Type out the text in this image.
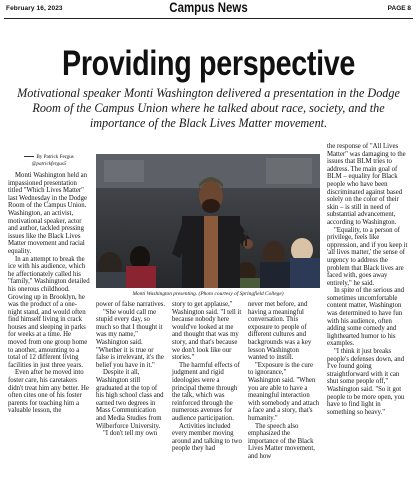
February 16, 2023	Campus News	PAGE 8
Providing perspective
Motivational speaker Monti Washington delivered a presentation in the Dodge Room of the Campus Union where he talked about race, society, and the importance of the Black Lives Matter movement.
By Patrick Fergus
@patrickfergus5

Monti Washington held an impassioned presentation titled "Which Lives Matter" last Wednesday in the Dodge Room of the Campus Union. Washington, an activist, motivational speaker, actor and author, tackled pressing issues like the Black Lives Matter movement and racial equality.

In an attempt to break the ice with his audience, which he affectionately called his "family," Washington detailed his onerous childhood. Growing up in Brooklyn, he was the product of a one-night stand, and would often find himself living in crack houses and sleeping in parks for weeks at a time. He moved from one group home to another, amounting to a total of 12 different living facilities in just three years.

Even after he moved into foster care, his caretakers didn't treat him any better. He often cites one of his foster parents for teaching him a valuable lesson, the

Monti Washington presenting. (Photo courtesy of Springfield College)

power of false narratives.

"She would call me stupid every day, so much so that I thought it was my name," Washington said. "Whether it is true or false is irrelevant, it's the belief you have in it."

Despite it all, Washington still graduated at the top of his high school class and earned two degrees in Mass Communication and Media Studies from Wilberforce University.

"I don't tell my own

story to get applause," Washington said. "I tell it because nobody here would've looked at me and thought that was my story, and that's because we don't look like our stories."

The harmful effects of judgment and rigid ideologies were a principal theme through the talk, which was reinforced through the numerous avenues for audience participation.

Activities included every member moving around and talking to two people they had

never met before, and having a meaningful conversation. This exposure to people of different cultures and backgrounds was a key lesson Washington wanted to instill.

"Exposure is the cure to ignorance," Washington said. "When you are able to have a meaningful interaction with somebody and attach a face and a story, that's humanity."

The speech also emphasized the importance of the Black Lives Matter movement, and how

the response of "All Lives Matter" was damaging to the issues that BLM tries to address. The main goal of BLM – equality for Black people who have been discriminated against based solely on the color of their skin – is still in need of substantial advancement, according to Washington.

"Equality, to a person of privilege, feels like oppression, and if you keep it 'all lives matter,' the sense of urgency to address the problem that Black lives are faced with, goes away entirely," he said.

In spite of the serious and sometimes uncomfortable content matter, Washington was determined to have fun with his audience, often adding some comedy and lighthearted humor to his examples.

"I think it just breaks people's defenses down, and I've found going straightforward with it can shut some people off," Washington said. "So it got people to be more open, you have to find light in something so heavy."
